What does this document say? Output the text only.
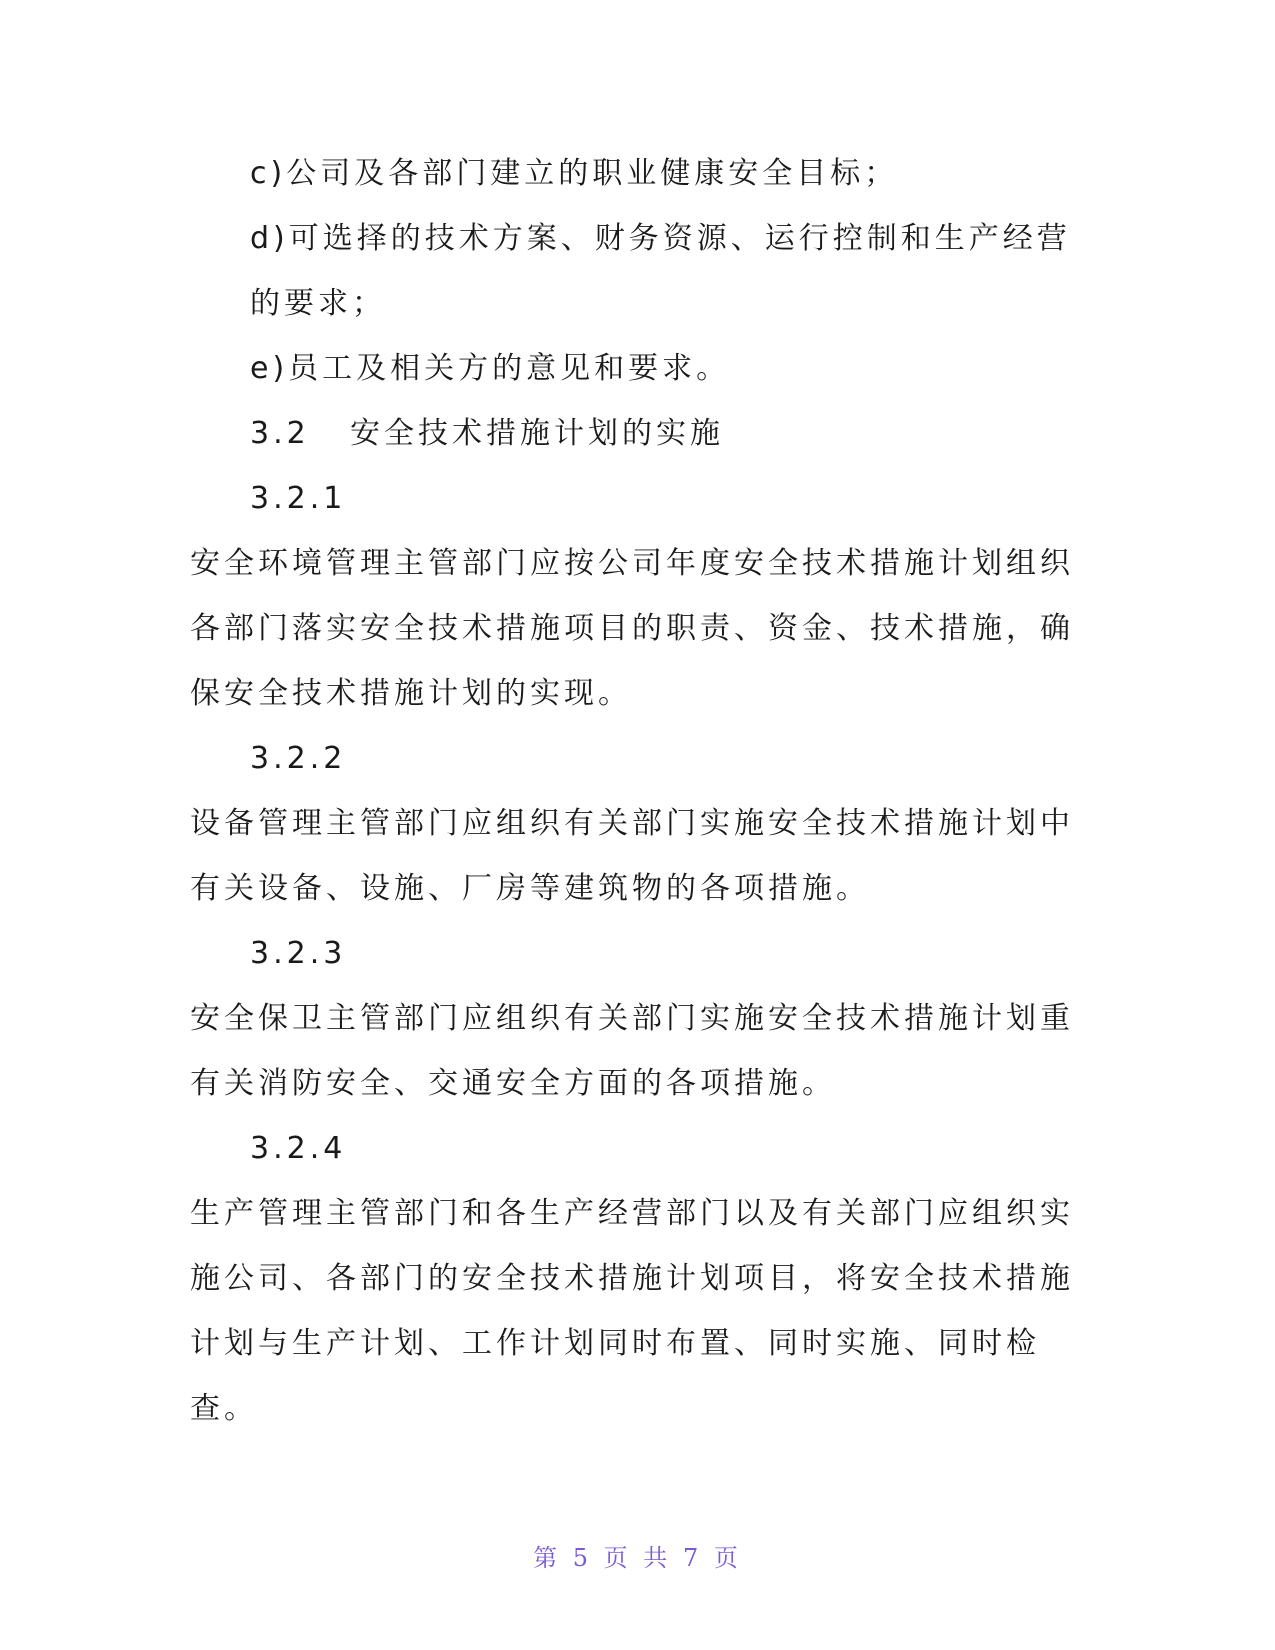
c)公司及各部门建立的职业健康安全目标；

d)可选择的技术方案、财务资源、运行控制和生产经营的要求；

e)员工及相关方的意见和要求。

3.2 安全技术措施计划的实施

3.2.1

安全环境管理主管部门应按公司年度安全技术措施计划组织各部门落实安全技术措施项目的职责、资金、技术措施，确保安全技术措施计划的实现。

3.2.2

设备管理主管部门应组织有关部门实施安全技术措施计划中有关设备、设施、厂房等建筑物的各项措施。

3.2.3

安全保卫主管部门应组织有关部门实施安全技术措施计划重有关消防安全、交通安全方面的各项措施。

3.2.4

生产管理主管部门和各生产经营部门以及有关部门应组织实施公司、各部门的安全技术措施计划项目，将安全技术措施计划与生产计划、工作计划同时布置、同时实施、同时检查。

第 5 页 共 7 页
